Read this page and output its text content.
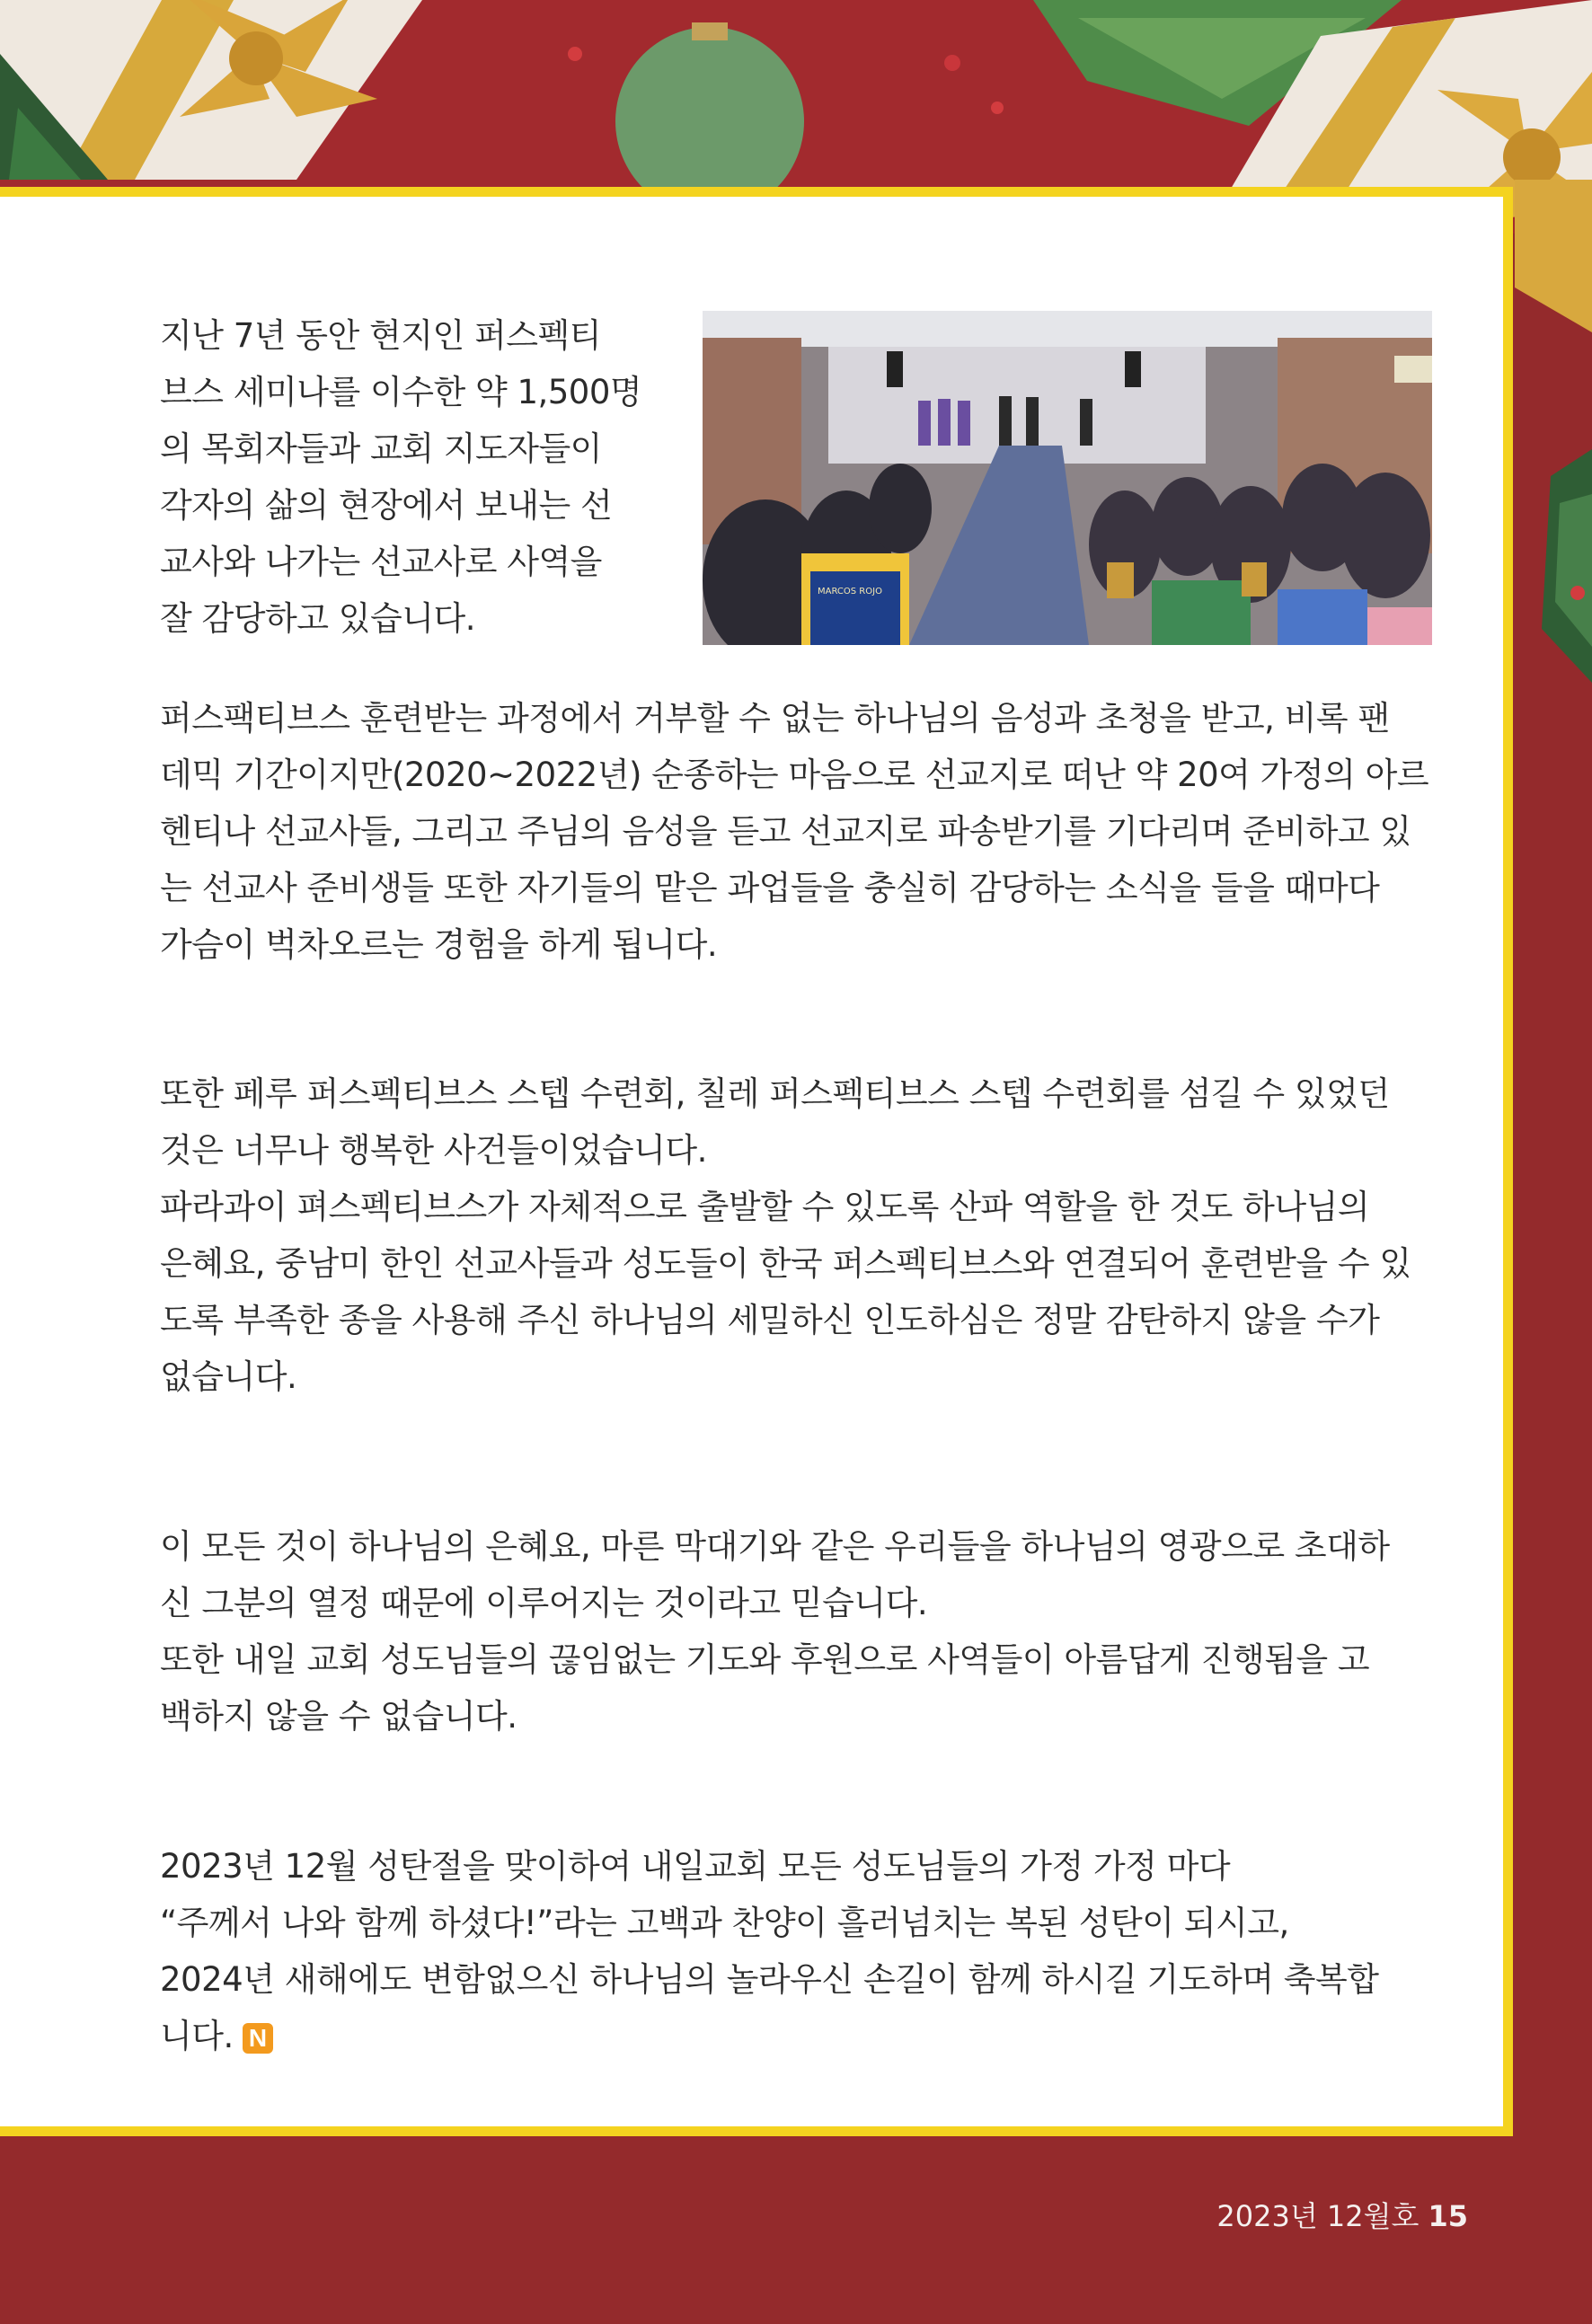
MARCOS ROJO
지난 7년 동안 현지인 퍼스펙티
브스 세미나를 이수한 약 1,500명
의 목회자들과 교회 지도자들이
각자의 삶의 현장에서 보내는 선
교사와 나가는 선교사로 사역을
잘 감당하고 있습니다.
퍼스팩티브스 훈련받는 과정에서 거부할 수 없는 하나님의 음성과 초청을 받고, 비록 팬
데믹 기간이지만(2020~2022년) 순종하는 마음으로 선교지로 떠난 약 20여 가정의 아르
헨티나 선교사들, 그리고 주님의 음성을 듣고 선교지로 파송받기를 기다리며 준비하고 있
는 선교사 준비생들 또한 자기들의 맡은 과업들을 충실히 감당하는 소식을 들을 때마다
가슴이 벅차오르는 경험을 하게 됩니다.
또한 페루 퍼스펙티브스 스텝 수련회, 칠레 퍼스펙티브스 스텝 수련회를 섬길 수 있었던
것은 너무나 행복한 사건들이었습니다.
파라과이 펴스펙티브스가 자체적으로 출발할 수 있도록 산파 역할을 한 것도 하나님의
은혜요, 중남미 한인 선교사들과 성도들이 한국 퍼스펙티브스와 연결되어 훈련받을 수 있
도록 부족한 종을 사용해 주신 하나님의 세밀하신 인도하심은 정말 감탄하지 않을 수가
없습니다.
이 모든 것이 하나님의 은혜요, 마른 막대기와 같은 우리들을 하나님의 영광으로 초대하
신 그분의 열정 때문에 이루어지는 것이라고 믿습니다.
또한 내일 교회 성도님들의 끊임없는 기도와 후원으로 사역들이 아름답게 진행됨을 고
백하지 않을 수 없습니다.
2023년 12월 성탄절을 맞이하여 내일교회 모든 성도님들의 가정 가정 마다
“주께서 나와 함께 하셨다!”라는 고백과 찬양이 흘러넘치는 복된 성탄이 되시고,
2024년 새해에도 변함없으신 하나님의 놀라우신 손길이 함께 하시길 기도하며 축복합
니다. N
2023년 12월호 15
